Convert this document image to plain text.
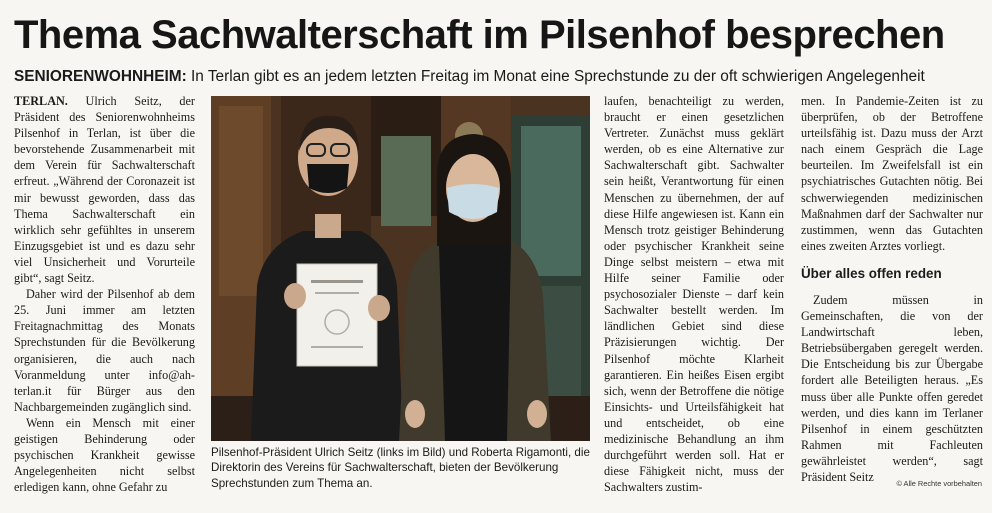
Thema Sachwalterschaft im Pilsenhof besprechen
SENIORENWOHNHEIM: In Terlan gibt es an jedem letzten Freitag im Monat eine Sprechstunde zu der oft schwierigen Angelegenheit

TERLAN. Ulrich Seitz, der Präsident des Seniorenwohnheims Pilsenhof in Terlan, ist über die bevorstehende Zusammenarbeit mit dem Verein für Sachwalterschaft erfreut. „Während der Coronazeit ist mir bewusst geworden, dass das Thema Sachwalterschaft ein wirklich sehr gefühltes in unserem Einzugsgebiet ist und es dazu sehr viel Unsicherheit und Vorurteile gibt“, sagt Seitz.

Daher wird der Pilsenhof ab dem 25. Juni immer am letzten Freitagnachmittag des Monats Sprechstunden für die Bevölkerung organisieren, die auch nach Voranmeldung unter info@ah-terlan.it für Bürger aus den Nachbargemeinden zugänglich sind.

Wenn ein Mensch mit einer geistigen Behinderung oder psychischen Krankheit gewisse Angelegenheiten nicht selbst erledigen kann, ohne Gefahr zu

Pilsenhof-Präsident Ulrich Seitz (links im Bild) und Roberta Rigamonti, die Direktorin des Vereins für Sachwalterschaft, bieten der Bevölkerung Sprechstunden zum Thema an.

laufen, benachteiligt zu werden, braucht er einen gesetzlichen Vertreter. Zunächst muss geklärt werden, ob es eine Alternative zur Sachwalterschaft gibt. Sachwalter sein heißt, Verantwortung für einen Menschen zu übernehmen, der auf diese Hilfe angewiesen ist. Kann ein Mensch trotz geistiger Behinderung oder psychischer Krankheit seine Dinge selbst meistern – etwa mit Hilfe seiner Familie oder psychosozialer Dienste – darf kein Sachwalter bestellt werden. Im ländlichen Gebiet sind diese Präzisierungen wichtig. Der Pilsenhof möchte Klarheit garantieren. Ein heißes Eisen ergibt sich, wenn der Betroffene die nötige Einsichts- und Urteilsfähigkeit hat und entscheidet, ob eine medizinische Behandlung an ihm durchgeführt werden soll. Hat er diese Fähigkeit nicht, muss der Sachwalters zustim-

men. In Pandemie-Zeiten ist zu überprüfen, ob der Betroffene urteilsfähig ist. Dazu muss der Arzt nach einem Gespräch die Lage beurteilen. Im Zweifelsfall ist ein psychiatrisches Gutachten nötig. Bei schwerwiegenden medizinischen Maßnahmen darf der Sachwalter nur zustimmen, wenn das Gutachten eines zweiten Arztes vorliegt.

Über alles offen reden

Zudem müssen in Gemeinschaften, die von der Landwirtschaft leben, Betriebsübergaben geregelt werden. Die Entscheidung bis zur Übergabe fordert alle Beteiligten heraus. „Es muss über alle Punkte offen geredet werden, und dies kann im Terlaner Pilsenhof in einem geschützten Rahmen mit Fachleuten gewährleistet werden“, sagt Präsident Seitz	© Alle Rechte vorbehalten
